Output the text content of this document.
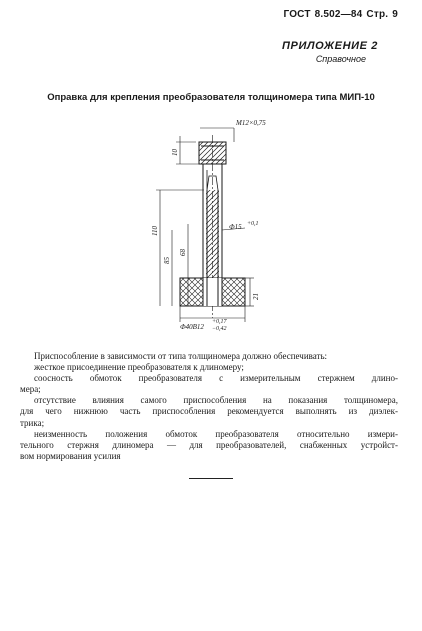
ГОСТ 8.502—84 Стр. 9
ПРИЛОЖЕНИЕ 2
Справочное
Оправка для крепления преобразователя толщиномера типа МИП-10
М12×0,75
10
110
85
68
21
Ф15 +0,1
Ф40В12
+0,17
−0,42

Приспособление в зависимости от типа толщиномера должно обеспечивать:

жесткое присоединение преобразователя к длиномеру;

соосность обмоток преобразователя с измерительным стержнем длино-

мера;

отсутствие влияния самого приспособления на показания толщиномера,

для чего нижнюю часть приспособления рекомендуется выполнять из диэлек-

трика;

неизменность положения обмоток преобразователя относительно измери-

тельного стержня длиномера — для преобразователей, снабженных устройст-

вом нормирования усилия
